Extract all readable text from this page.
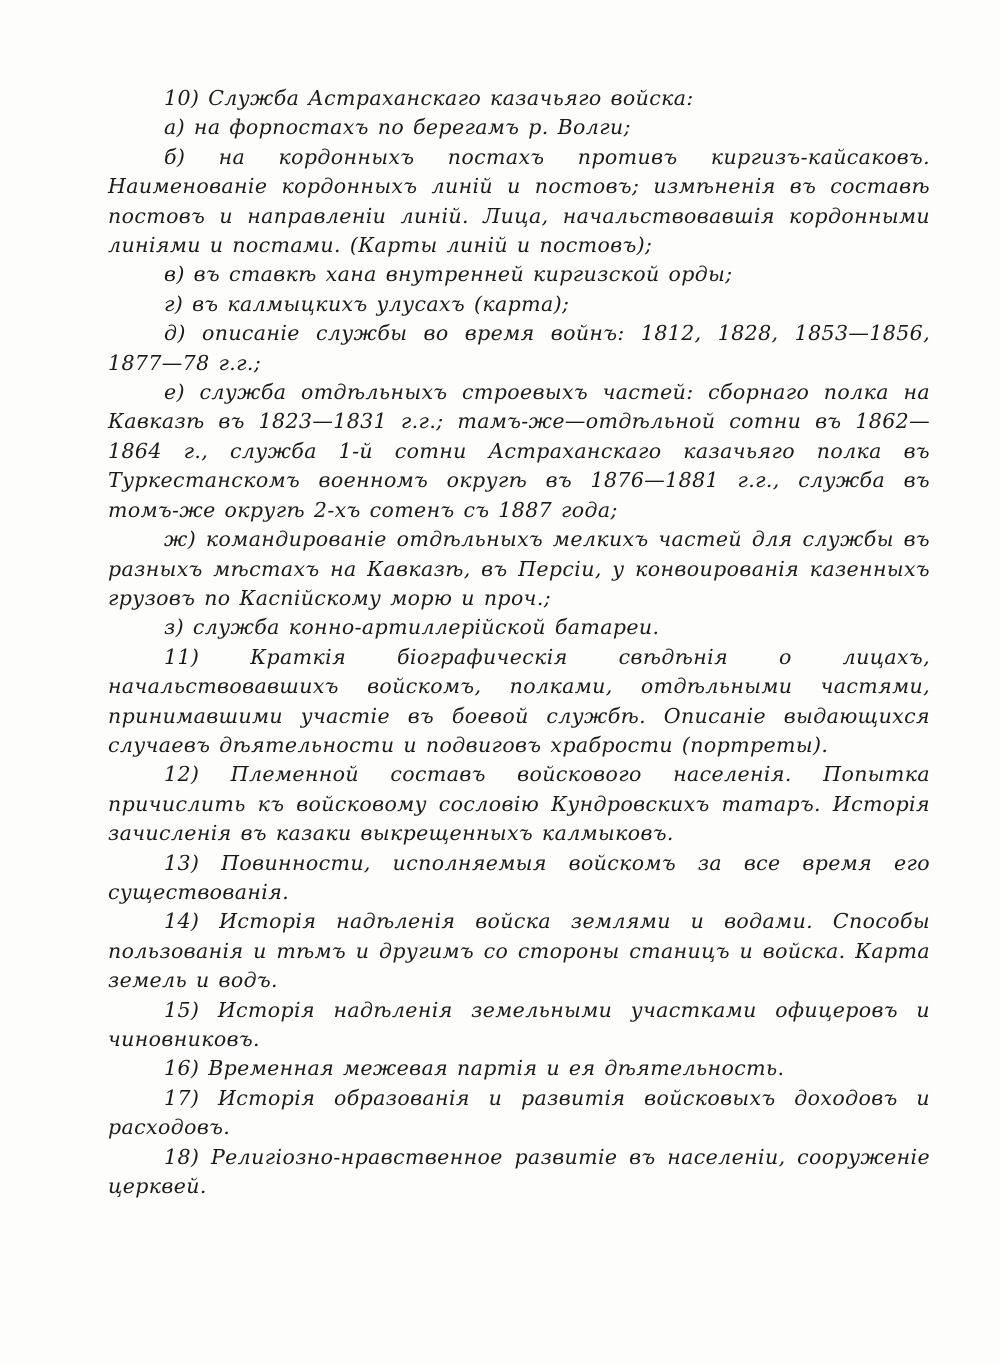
10) Служба Астраханскаго казачьяго войска:

а) на форпостахъ по берегамъ р. Волги;

б) на кордонныхъ постахъ противъ киргизъ-кайсаковъ. Наименованіе кордонныхъ линій и постовъ; измѣненія въ составѣ постовъ и направленіи линій. Лица, начальствовавшія кордонными линіями и постами. (Карты линій и постовъ);

в) въ ставкѣ хана внутренней киргизской орды;

г) въ калмыцкихъ улусахъ (карта);

д) описаніе службы во время войнъ: 1812, 1828, 1853—1856, 1877—78 г.г.;

е) служба отдѣльныхъ строевыхъ частей: сборнаго полка на Кавказѣ въ 1823—1831 г.г.; тамъ-же—отдѣльной сотни въ 1862—1864 г., служба 1-й сотни Астраханскаго казачьяго полка въ Туркестанскомъ военномъ округѣ въ 1876—1881 г.г., служба въ томъ-же округѣ 2-хъ сотенъ съ 1887 года;

ж) командированіе отдѣльныхъ мелкихъ частей для службы въ разныхъ мѣстахъ на Кавказѣ, въ Персіи, у конвоированія казенныхъ грузовъ по Каспійскому морю и проч.;

з) служба конно-артиллерійской батареи.

11) Краткія біографическія свѣдѣнія о лицахъ, начальствовавшихъ войскомъ, полками, отдѣльными частями, принимавшими участіе въ боевой службѣ. Описаніе выдающихся случаевъ дѣятельности и подвиговъ храбрости (портреты).

12) Племенной составъ войскового населенія. Попытка причислить къ войсковому сословію Кундровскихъ татаръ. Исторія зачисленія въ казаки выкрещенныхъ калмыковъ.

13) Повинности, исполняемыя войскомъ за все время его существованія.

14) Исторія надѣленія войска землями и водами. Способы пользованія и тѣмъ и другимъ со стороны станицъ и войска. Карта земель и водъ.

15) Исторія надѣленія земельными участками офицеровъ и чиновниковъ.

16) Временная межевая партія и ея дѣятельность.

17) Исторія образованія и развитія войсковыхъ доходовъ и расходовъ.

18) Религіозно-нравственное развитіе въ населеніи, сооруженіе церквей.
